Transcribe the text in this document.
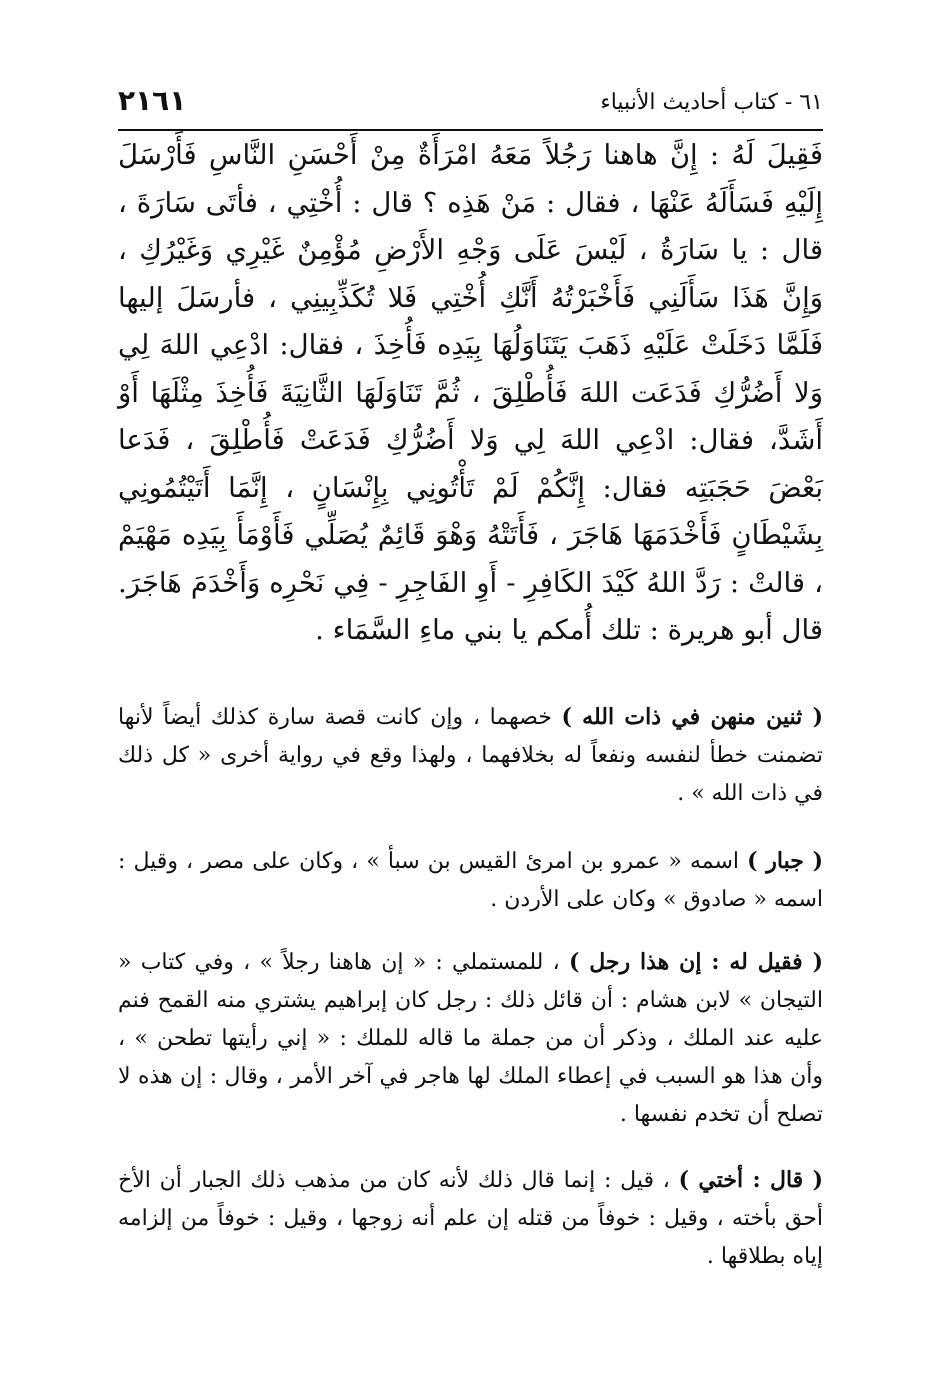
٦١ - كتاب أحاديث الأنبياء
٢١٦١
فَقِيلَ لَهُ : إِنَّ هاهنا رَجُلاً مَعَهُ امْرَأَةٌ مِنْ أَحْسَنِ النَّاسِ فَأَرْسَلَ إِلَيْهِ فَسَأَلَهُ عَنْهَا ، فقال : مَنْ هَذِه ؟ قال : أُخْتِي ، فأتَى سَارَةَ ، قال : يا سَارَةُ ، لَيْسَ عَلَى وَجْهِ الأَرْضِ مُؤْمِنٌ غَيْرِي وَغَيْرُكِ ، وَإِنَّ هَذَا سَأَلَنِي فَأَخْبَرْتُهُ أَنَّكِ أُخْتِي فَلا تُكَذِّبِينِي ، فأرسَلَ إليها فَلَمَّا دَخَلَتْ عَلَيْهِ ذَهَبَ يَتَنَاوَلُهَا بِيَدِه فَأُخِذَ ، فقال: ادْعِي اللهَ لِي وَلا أَضُرُّكِ فَدَعَت اللهَ فَأُطْلِقَ ، ثُمَّ تَنَاوَلَهَا الثَّانِيَةَ فَأُخِذَ مِثْلَهَا أَوْ أَشَدَّ، فقال: ادْعِي اللهَ لِي وَلا أَضُرُّكِ فَدَعَتْ فَأُطْلِقَ ، فَدَعا بَعْضَ حَجَبَتِه فقال: إِنَّكُمْ لَمْ تَأْتُونِي بِإِنْسَانٍ ، إِنَّمَا أَتَيْتُمُونِي بِشَيْطَانٍ فَأَخْدَمَهَا هَاجَرَ ، فَأَتَتْهُ وَهْوَ قَائِمٌ يُصَلِّي فَأَوْمَأَ بِيَدِه مَهْيَمْ ، قالتْ : رَدَّ اللهُ كَيْدَ الكَافِرِ - أَوِ الفَاجِرِ - فِي نَحْرِه وَأَخْدَمَ هَاجَرَ. قال أبو هريرة : تلك أُمكم يا بني ماءِ السَّمَاء .
( ثنين منهن في ذات الله ) خصهما ، وإن كانت قصة سارة كذلك أيضاً لأنها تضمنت خطأ لنفسه ونفعاً له بخلافهما ، ولهذا وقع في رواية أخرى « كل ذلك في ذات الله » .
( جبار ) اسمه « عمرو بن امرئ القيس بن سبأ » ، وكان على مصر ، وقيل : اسمه « صادوق » وكان على الأردن .
( فقيل له : إن هذا رجل ) ، للمستملي : « إن هاهنا رجلاً » ، وفي كتاب « التيجان » لابن هشام : أن قائل ذلك : رجل كان إبراهيم يشتري منه القمح فنم عليه عند الملك ، وذكر أن من جملة ما قاله للملك : « إني رأيتها تطحن » ، وأن هذا هو السبب في إعطاء الملك لها هاجر في آخر الأمر ، وقال : إن هذه لا تصلح أن تخدم نفسها .
( قال : أختي ) ، قيل : إنما قال ذلك لأنه كان من مذهب ذلك الجبار أن الأخ أحق بأخته ، وقيل : خوفاً من قتله إن علم أنه زوجها ، وقيل : خوفاً من إلزامه إياه بطلاقها .
